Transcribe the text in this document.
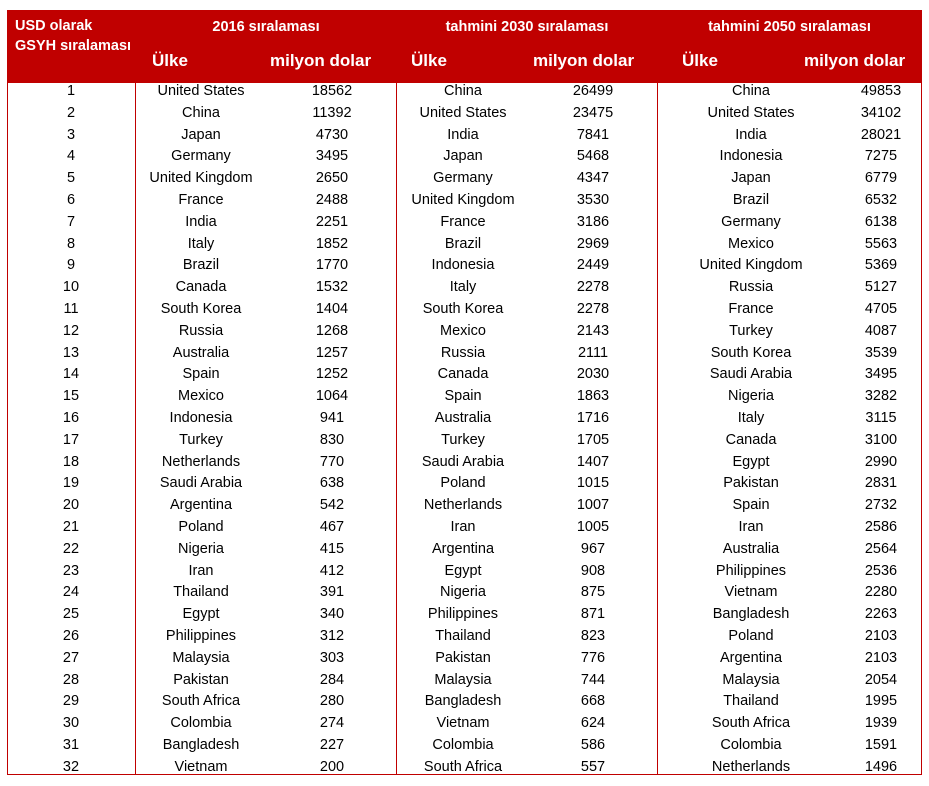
USD olarak GSYH sıralaması
2016 sıralaması
Ülke	milyon dolar
tahmini 2030 sıralaması
Ülke	milyon dolar
tahmini 2050 sıralaması
Ülke	milyon dolar
1	United States	18562	China	26499	China	49853
2	China	11392	United States	23475	United States	34102
3	Japan	4730	India	7841	India	28021
4	Germany	3495	Japan	5468	Indonesia	7275
5	United Kingdom	2650	Germany	4347	Japan	6779
6	France	2488	United Kingdom	3530	Brazil	6532
7	India	2251	France	3186	Germany	6138
8	Italy	1852	Brazil	2969	Mexico	5563
9	Brazil	1770	Indonesia	2449	United Kingdom	5369
10	Canada	1532	Italy	2278	Russia	5127
11	South Korea	1404	South Korea	2278	France	4705
12	Russia	1268	Mexico	2143	Turkey	4087
13	Australia	1257	Russia	2111	South Korea	3539
14	Spain	1252	Canada	2030	Saudi Arabia	3495
15	Mexico	1064	Spain	1863	Nigeria	3282
16	Indonesia	941	Australia	1716	Italy	3115
17	Turkey	830	Turkey	1705	Canada	3100
18	Netherlands	770	Saudi Arabia	1407	Egypt	2990
19	Saudi Arabia	638	Poland	1015	Pakistan	2831
20	Argentina	542	Netherlands	1007	Spain	2732
21	Poland	467	Iran	1005	Iran	2586
22	Nigeria	415	Argentina	967	Australia	2564
23	Iran	412	Egypt	908	Philippines	2536
24	Thailand	391	Nigeria	875	Vietnam	2280
25	Egypt	340	Philippines	871	Bangladesh	2263
26	Philippines	312	Thailand	823	Poland	2103
27	Malaysia	303	Pakistan	776	Argentina	2103
28	Pakistan	284	Malaysia	744	Malaysia	2054
29	South Africa	280	Bangladesh	668	Thailand	1995
30	Colombia	274	Vietnam	624	South Africa	1939
31	Bangladesh	227	Colombia	586	Colombia	1591
32	Vietnam	200	South Africa	557	Netherlands	1496
